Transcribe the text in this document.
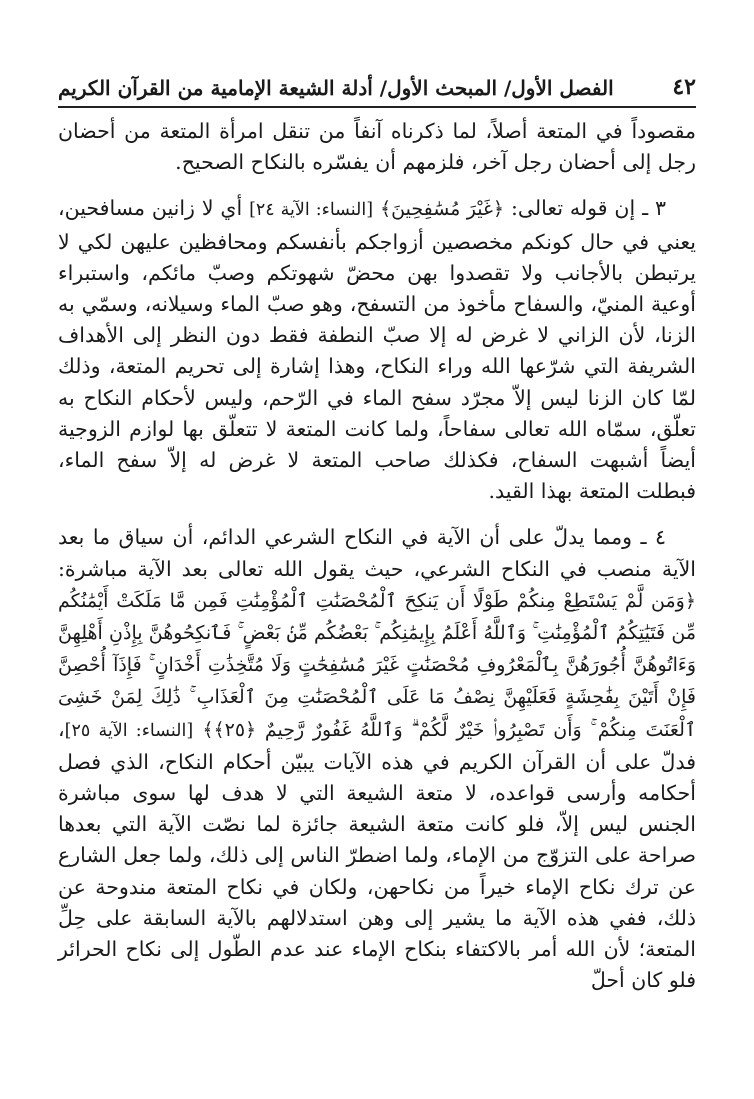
٤٢
الفصل الأول/ المبحث الأول/ أدلة الشيعة الإمامية من القرآن الكريم

مقصوداً في المتعة أصلاً، لما ذكرناه آنفاً من تنقل امرأة المتعة من أحضان رجل إلى أحضان رجل آخر، فلزمهم أن يفسّره بالنكاح الصحيح.

٣ ـ إن قوله تعالى: ﴿غَيْرَ مُسَٰفِحِينَ﴾ [النساء: الآية ٢٤] أي لا زانين مسافحين، يعني في حال كونكم مخصصين أزواجكم بأنفسكم ومحافظين عليهن لكي لا يرتبطن بالأجانب ولا تقصدوا بهن محضّ شهوتكم وصبّ مائكم، واستبراء أوعية المنيّ، والسفاح مأخوذ من التسفح، وهو صبّ الماء وسيلانه، وسمّي به الزنا، لأن الزاني لا غرض له إلا صبّ النطفة فقط دون النظر إلى الأهداف الشريفة التي شرّعها الله وراء النكاح، وهذا إشارة إلى تحريم المتعة، وذلك لمّا كان الزنا ليس إلاّ مجرّد سفح الماء في الرّحم، وليس لأحكام النكاح به تعلّق، سمّاه الله تعالى سفاحاً، ولما كانت المتعة لا تتعلّق بها لوازم الزوجية أيضاً أشبهت السفاح، فكذلك صاحب المتعة لا غرض له إلاّ سفح الماء، فبطلت المتعة بهذا القيد.

٤ ـ ومما يدلّ على أن الآية في النكاح الشرعي الدائم، أن سياق ما بعد الآية منصب في النكاح الشرعي، حيث يقول الله تعالى بعد الآية مباشرة: ﴿وَمَن لَّمْ يَسْتَطِعْ مِنكُمْ طَوْلًا أَن يَنكِحَ ٱلْمُحْصَنَٰتِ ٱلْمُؤْمِنَٰتِ فَمِن مَّا مَلَكَتْ أَيْمَٰنُكُم مِّن فَتَيَٰتِكُمُ ٱلْمُؤْمِنَٰتِ ۚ وَٱللَّهُ أَعْلَمُ بِإِيمَٰنِكُم ۚ بَعْضُكُم مِّنۢ بَعْضٍ ۚ فَٱنكِحُوهُنَّ بِإِذْنِ أَهْلِهِنَّ وَءَاتُوهُنَّ أُجُورَهُنَّ بِٱلْمَعْرُوفِ مُحْصَنَٰتٍ غَيْرَ مُسَٰفِحَٰتٍ وَلَا مُتَّخِذَٰتِ أَخْدَانٍ ۚ فَإِذَآ أُحْصِنَّ فَإِنْ أَتَيْنَ بِفَٰحِشَةٍ فَعَلَيْهِنَّ نِصْفُ مَا عَلَى ٱلْمُحْصَنَٰتِ مِنَ ٱلْعَذَابِ ۚ ذَٰلِكَ لِمَنْ خَشِىَ ٱلْعَنَتَ مِنكُمْ ۚ وَأَن تَصْبِرُوا۟ خَيْرٌ لَّكُمْ ۗ وَٱللَّهُ غَفُورٌ رَّحِيمٌ ﴿٢٥﴾﴾ [النساء: الآية ٢٥]، فدلّ على أن القرآن الكريم في هذه الآيات يبيّن أحكام النكاح، الذي فصل أحكامه وأرسى قواعده، لا متعة الشيعة التي لا هدف لها سوى مباشرة الجنس ليس إلاّ، فلو كانت متعة الشيعة جائزة لما نصّت الآية التي بعدها صراحة على التزوّج من الإماء، ولما اضطرّ الناس إلى ذلك، ولما جعل الشارع عن ترك نكاح الإماء خيراً من نكاحهن، ولكان في نكاح المتعة مندوحة عن ذلك، ففي هذه الآية ما يشير إلى وهن استدلالهم بالآية السابقة على حِلِّ المتعة؛ لأن الله أمر بالاكتفاء بنكاح الإماء عند عدم الطّول إلى نكاح الحرائر فلو كان أحلّ
